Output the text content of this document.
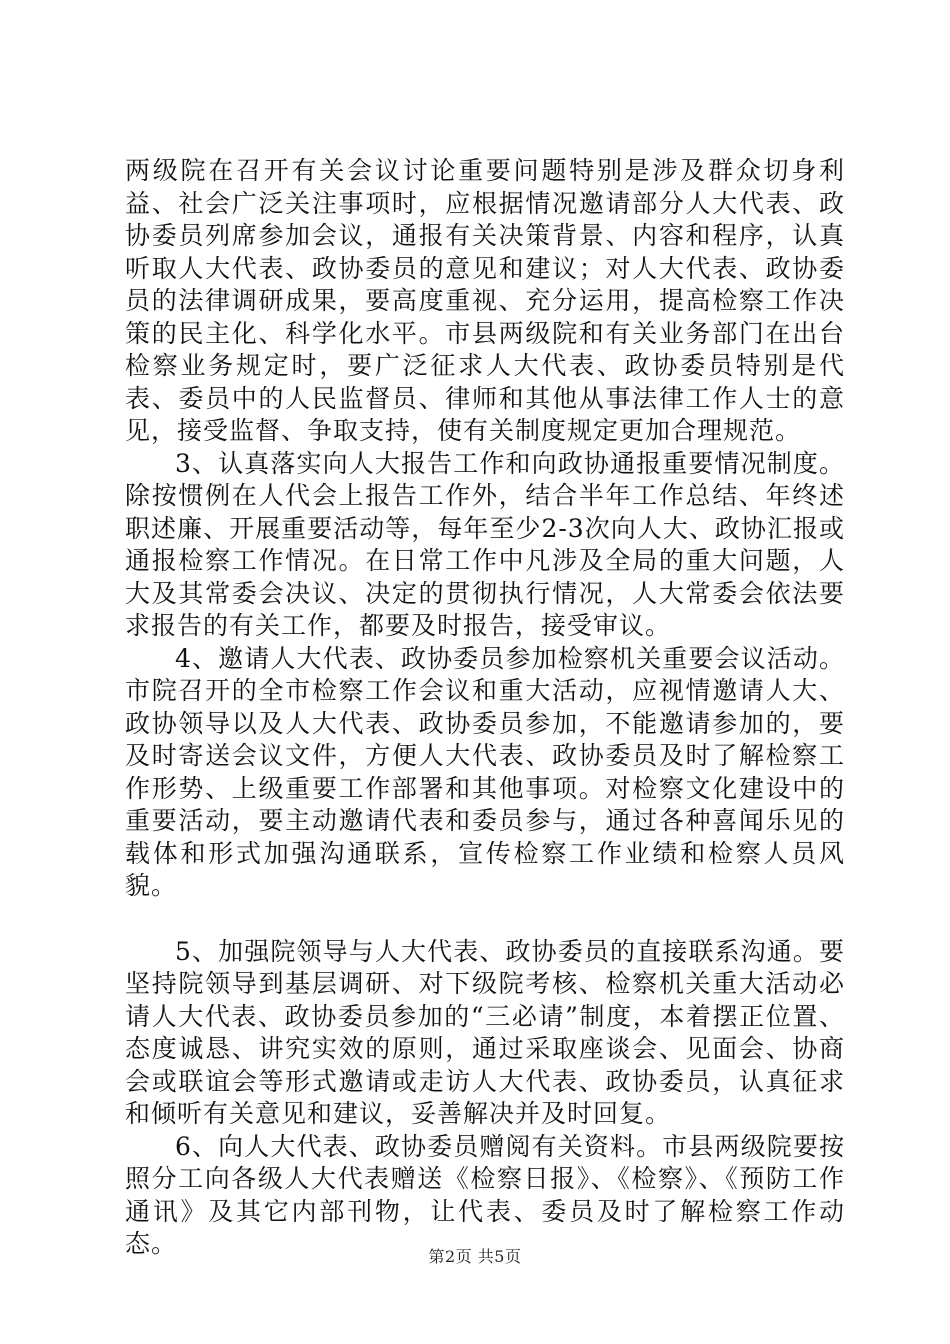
两级院在召开有关会议讨论重要问题特别是涉及群众切身利益、社会广泛关注事项时，应根据情况邀请部分人大代表、政协委员列席参加会议，通报有关决策背景、内容和程序，认真听取人大代表、政协委员的意见和建议；对人大代表、政协委员的法律调研成果，要高度重视、充分运用，提高检察工作决策的民主化、科学化水平。市县两级院和有关业务部门在出台检察业务规定时，要广泛征求人大代表、政协委员特别是代表、委员中的人民监督员、律师和其他从事法律工作人士的意见，接受监督、争取支持，使有关制度规定更加合理规范。

3、认真落实向人大报告工作和向政协通报重要情况制度。除按惯例在人代会上报告工作外，结合半年工作总结、年终述职述廉、开展重要活动等，每年至少2-3次向人大、政协汇报或通报检察工作情况。在日常工作中凡涉及全局的重大问题，人大及其常委会决议、决定的贯彻执行情况，人大常委会依法要求报告的有关工作，都要及时报告，接受审议。

4、邀请人大代表、政协委员参加检察机关重要会议活动。市院召开的全市检察工作会议和重大活动，应视情邀请人大、政协领导以及人大代表、政协委员参加，不能邀请参加的，要及时寄送会议文件，方便人大代表、政协委员及时了解检察工作形势、上级重要工作部署和其他事项。对检察文化建设中的重要活动，要主动邀请代表和委员参与，通过各种喜闻乐见的载体和形式加强沟通联系，宣传检察工作业绩和检察人员风貌。

5、加强院领导与人大代表、政协委员的直接联系沟通。要坚持院领导到基层调研、对下级院考核、检察机关重大活动必请人大代表、政协委员参加的“三必请”制度，本着摆正位置、态度诚恳、讲究实效的原则，通过采取座谈会、见面会、协商会或联谊会等形式邀请或走访人大代表、政协委员，认真征求和倾听有关意见和建议，妥善解决并及时回复。

6、向人大代表、政协委员赠阅有关资料。市县两级院要按照分工向各级人大代表赠送《检察日报》、《检察》、《预防工作通讯》及其它内部刊物，让代表、委员及时了解检察工作动态。	第2页 共5页
